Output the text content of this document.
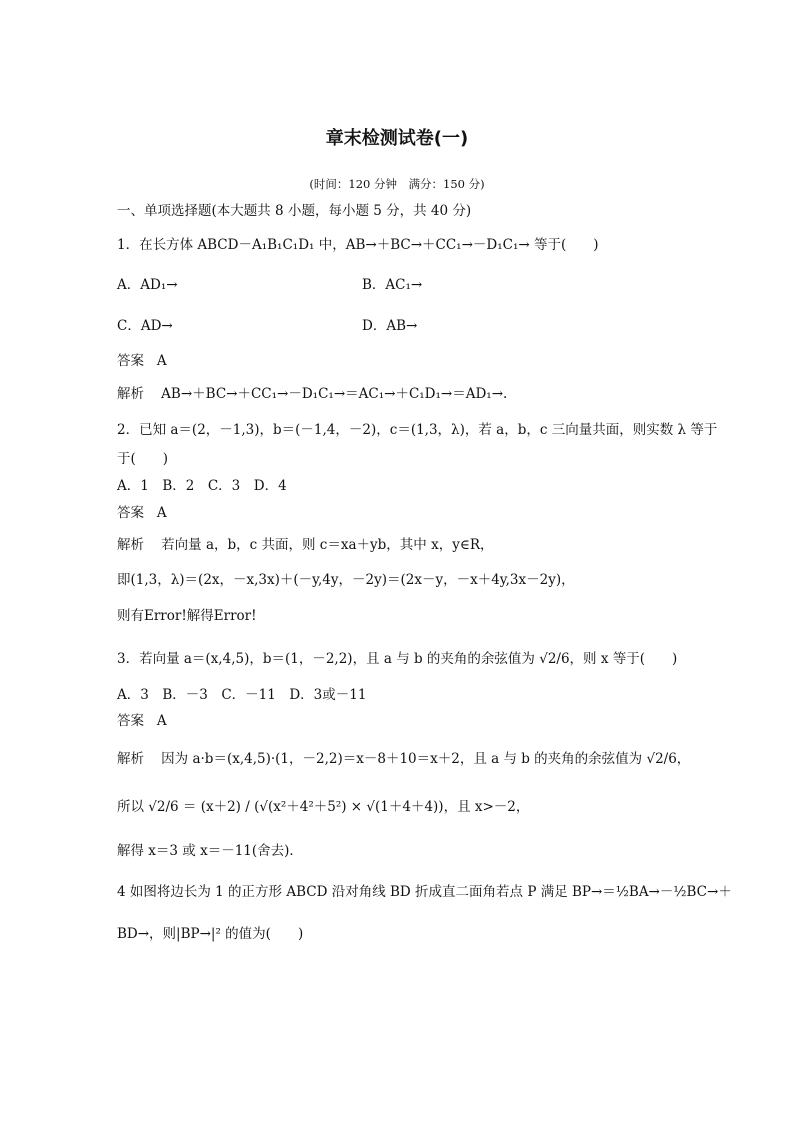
章末检测试卷(一)
(时间：120 分钟　满分：150 分)
一、单项选择题(本大题共 8 小题，每小题 5 分，共 40 分)
1．在长方体 ABCD－A₁B₁C₁D₁ 中，AB→＋BC→＋CC₁→－D₁C₁→ 等于(　　)
A．AD₁→	B．AC₁→
C．AD→	D．AB→
答案 A
解析 AB→＋BC→＋CC₁→－D₁C₁→＝AC₁→＋C₁D₁→＝AD₁→.
2．已知 a＝(2，－1,3)，b＝(－1,4，－2)，c＝(1,3，λ)，若 a，b，c 三向量共面，则实数 λ 等于
于(　　)
A．1　B．2　C．3　D．4
答案 A
解析 若向量 a，b，c 共面，则 c＝xa＋yb，其中 x，y∈R，
即(1,3，λ)＝(2x，－x,3x)＋(－y,4y，－2y)＝(2x－y，－x＋4y,3x－2y)，
则有Error!解得Error!
3．若向量 a＝(x,4,5)，b＝(1，－2,2)，且 a 与 b 的夹角的余弦值为 √2/6，则 x 等于(　　)
A．3　B．－3　C．－11　D．3或－11
答案 A
解析 因为 a·b＝(x,4,5)·(1，－2,2)＝x－8＋10＝x＋2，且 a 与 b 的夹角的余弦值为 √2/6，
所以 √2/6 ＝ (x＋2) / (√(x²＋4²＋5²) × √(1＋4＋4))，且 x>－2，
解得 x＝3 或 x＝－11(舍去)．
4 如图将边长为 1 的正方形 ABCD 沿对角线 BD 折成直二面角若点 P 满足 BP→＝½BA→－½BC→＋
BD→，则|BP→|² 的值为(　　)
